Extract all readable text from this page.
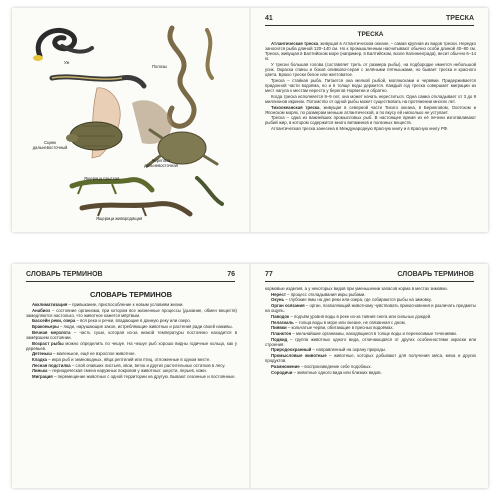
Уж
Полозы
Сцинк дальневосточный
Черепаха дальневосточная
Ящерица прыткая
Ящерица живородящая
41	ТРЕСКА

ТРЕСКА

Атлантическая треска, живущая в Атлантическом океане, – самая крупная из видов трески. Нередко заносится рыба длиной 120–140 см. Но к промышленным насчитывают обычно особи длиной 40–80 см. Треска, живущая в Балтийском море (например, в Балтийском, возле Калининграда), весит обычно 6–14 кг.

У трески большая голова (составляет треть от размера рыбы), на подбородке имеется небольшой усик. Окраска спины и боков оливково-серая с зелёными пятнышками, но бывает треска и красного цвета. Брюхо трески белое или желтоватое.

Треска – стайная рыба. Питается она мелкой рыбой, моллюсками и червями. Придерживается придонной части водоёма, но и в толще воды держится. Каждый год треска совершает миграции из мест нагула к местам нереста у берегов Норвегии и обратно.

Когда треска исполняется 8–9 лет, она может начать нереститься. Одна самка откладывает от 3 до 9 миллионов икринок. Потомство от одной рыбы может существовать на протяжении многих лет.

Тихоокеанская треска, живущая в северной части Тихого океана, в Беринговом, Охотском и Японском морях, по размерам меньше атлантической, а по вкусу ей нисколько не уступает.

Треска – одна из важнейших промысловых рыб. В настоящее время из её печени изготавливают рыбий жир, в котором содержится много витаминов и полезных веществ.

Атлантическая треска занесена в Международную Красную книгу и в Красную книгу РФ.

СЛОВАРЬ ТЕРМИНОВ	76
СЛОВАРЬ ТЕРМИНОВ

Акклиматизация – привыкание, приспособление к новым условиям жизни.

Анабиоз – состояние организма, при котором все жизненные процессы (дыхание, обмен веществ) замедляются настолько, что животное кажется мёртвым.

Бассейн реки, озера – вся река и речки, впадающие в данную реку или озеро.

Браконьеры – люди, нарушающие закон, истребляющие животных и растения ради своей наживы.

Вечная мерзлота – часть суши, которая из-за низкой температуры постоянно находится в замёрзшем состоянии.

Возраст рыбы можно определить по чешуе. На чешуе рыб хорошо видны годичные кольца, как у деревьев.

Детеныш – маленькое, ещё не взрослое животное.

Кладка – икра рыб и земноводных, яйца рептилий или птиц, отложенные в одном месте.

Лесная подстилка – слой опавших листьев, хвои, веток и других растительных остатков в лесу.

Линька – периодическая смена наружных покровов у животных: шерсти, перьев, кожи.

Миграция – перемещение животных с одной территории на другую. Бывают сезонные и постоянные.

77	СЛОВАРЬ ТЕРМИНОВ

кормовые изделия, а у некоторых видов при уменьшении запасов корма в местах зимовки.

Нерест – процесс откладывания икры рыбами.

Окунь – глубокие ямы на дне реки или озера, где собираются рыбы на зимовку.

Орган осязания – орган, позволяющий животному чувствовать прикосновения и различать предметы на ощупь.

Паводок – подъём уровня воды в реке из-за таяния снега или сильных дождей.

Пелагиаль – толща воды в море или океане, не связанная с дном.

Пиявки – кольчатые черви, обитающие в пресных водоёмах.

Планктон – мельчайшие организмы, находящиеся в толще воды и переносимые течениями.

Подвид – группа животных одного вида, отличающаяся от других особенностями окраски или строения.

Природоохранный – направленный на охрану природы.

Промысловые животные – животные, которых добывают для получения мяса, меха и других продуктов.

Размножение – воспроизведение себе подобных.

Сородичи – животные одного вида или близких видов.
